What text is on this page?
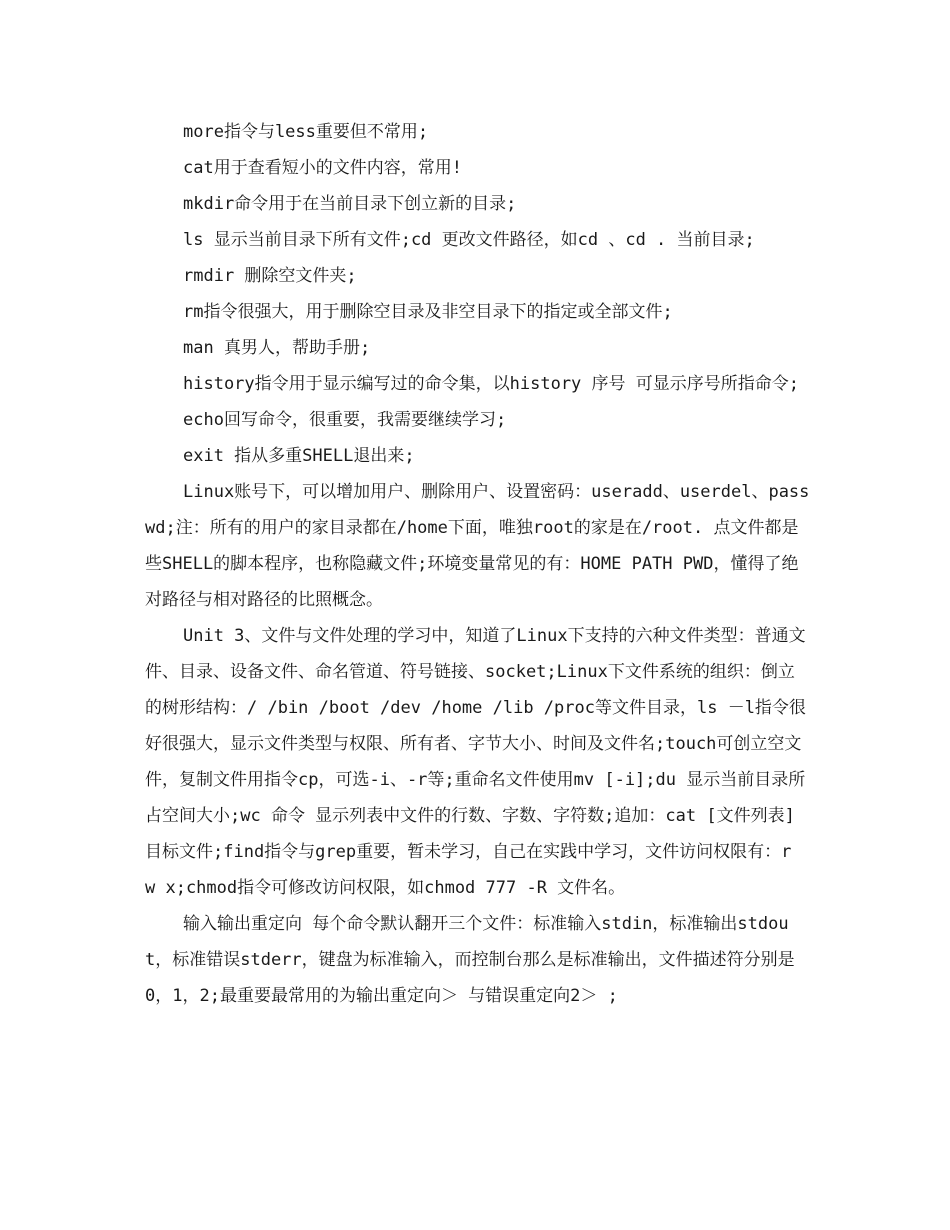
more指令与less重要但不常用;

cat用于查看短小的文件内容，常用!

mkdir命令用于在当前目录下创立新的目录;

ls 显示当前目录下所有文件;cd 更改文件路径，如cd 、cd . 当前目录;

rmdir 删除空文件夹;

rm指令很强大，用于删除空目录及非空目录下的指定或全部文件;

man 真男人，帮助手册;

history指令用于显示编写过的命令集，以history 序号 可显示序号所指命令;

echo回写命令，很重要，我需要继续学习;

exit 指从多重SHELL退出来;

Linux账号下，可以增加用户、删除用户、设置密码：useradd、userdel、passwd;注：所有的用户的家目录都在/home下面，唯独root的家是在/root. 点文件都是些SHELL的脚本程序，也称隐藏文件;环境变量常见的有：HOME PATH PWD，懂得了绝对路径与相对路径的比照概念。

Unit 3、文件与文件处理的学习中，知道了Linux下支持的六种文件类型：普通文件、目录、设备文件、命名管道、符号链接、socket;Linux下文件系统的组织：倒立的树形结构：/ /bin /boot /dev /home /lib /proc等文件目录，ls －l指令很好很强大，显示文件类型与权限、所有者、字节大小、时间及文件名;touch可创立空文件，复制文件用指令cp，可选-i、-r等;重命名文件使用mv [-i];du 显示当前目录所占空间大小;wc 命令 显示列表中文件的行数、字数、字符数;追加：cat [文件列表] 目标文件;find指令与grep重要，暂未学习，自己在实践中学习，文件访问权限有：r w x;chmod指令可修改访问权限，如chmod 777 -R 文件名。

输入输出重定向 每个命令默认翻开三个文件：标准输入stdin，标准输出stdout，标准错误stderr，键盘为标准输入，而控制台那么是标准输出，文件描述符分别是0，1，2;最重要最常用的为输出重定向＞ 与错误重定向2＞ ;
